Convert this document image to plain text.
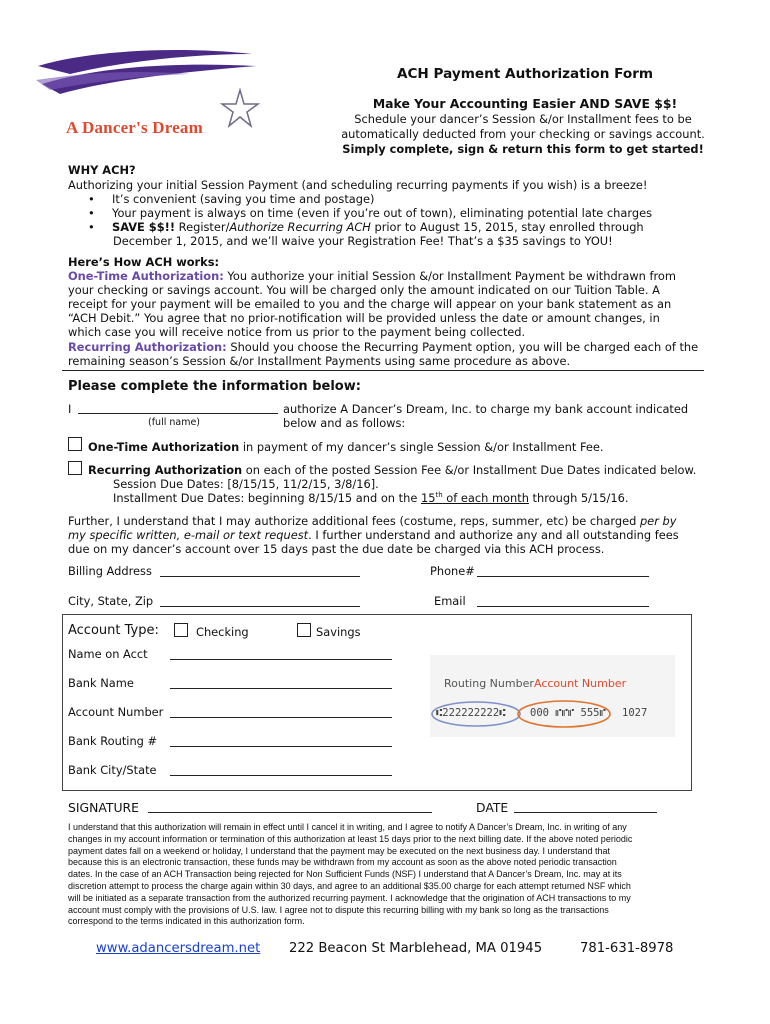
A Dancer's Dream
ACH Payment Authorization Form
Make Your Accounting Easier AND SAVE $$!
Schedule your dancer’s Session &/or Installment fees to be
automatically deducted from your checking or savings account.
Simply complete, sign & return this form to get started!
WHY ACH?
Authorizing your initial Session Payment (and scheduling recurring payments if you wish) is a breeze!
• It’s convenient (saving you time and postage)
• Your payment is always on time (even if you’re out of town), eliminating potential late charges
• SAVE $$!! Register/Authorize Recurring ACH prior to August 15, 2015, stay enrolled through
December 1, 2015, and we’ll waive your Registration Fee! That’s a $35 savings to YOU!
Here’s How ACH works:
One-Time Authorization: You authorize your initial Session &/or Installment Payment be withdrawn from
your checking or savings account. You will be charged only the amount indicated on our Tuition Table. A
receipt for your payment will be emailed to you and the charge will appear on your bank statement as an
“ACH Debit.” You agree that no prior-notification will be provided unless the date or amount changes, in
which case you will receive notice from us prior to the payment being collected.
Recurring Authorization: Should you choose the Recurring Payment option, you will be charged each of the
remaining season’s Session &/or Installment Payments using same procedure as above.
Please complete the information below:
I
(full name)
authorize A Dancer’s Dream, Inc. to charge my bank account indicated
below and as follows:
One-Time Authorization in payment of my dancer’s single Session &/or Installment Fee.
Recurring Authorization on each of the posted Session Fee &/or Installment Due Dates indicated below.
Session Due Dates: [8/15/15, 11/2/15, 3/8/16].
Installment Due Dates: beginning 8/15/15 and on the 15th of each month through 5/15/16.
Further, I understand that I may authorize additional fees (costume, reps, summer, etc) be charged per by
my specific written, e-mail or text request. I further understand and authorize any and all outstanding fees
due on my dancer’s account over 15 days past the due date be charged via this ACH process.
Billing Address	Phone#
City, State, Zip	Email
Account Type:	Checking	Savings
Name on Acct
Bank Name
Account Number
Bank Routing #
Bank City/State
Routing Number Account Number
⑆222222222⑆ 000 ⑈⑈⑈ 555⑈ 1027
SIGNATURE	DATE
I understand that this authorization will remain in effect until I cancel it in writing, and I agree to notify A Dancer’s Dream, Inc. in writing of any
changes in my account information or termination of this authorization at least 15 days prior to the next billing date. If the above noted periodic
payment dates fall on a weekend or holiday, I understand that the payment may be executed on the next business day. I understand that
because this is an electronic transaction, these funds may be withdrawn from my account as soon as the above noted periodic transaction
dates. In the case of an ACH Transaction being rejected for Non Sufficient Funds (NSF) I understand that A Dancer’s Dream, Inc. may at its
discretion attempt to process the charge again within 30 days, and agree to an additional $35.00 charge for each attempt returned NSF which
will be initiated as a separate transaction from the authorized recurring payment. I acknowledge that the origination of ACH transactions to my
account must comply with the provisions of U.S. law. I agree not to dispute this recurring billing with my bank so long as the transactions
correspond to the terms indicated in this authorization form.
www.adancersdream.net 222 Beacon St Marblehead, MA 01945	781-631-8978
